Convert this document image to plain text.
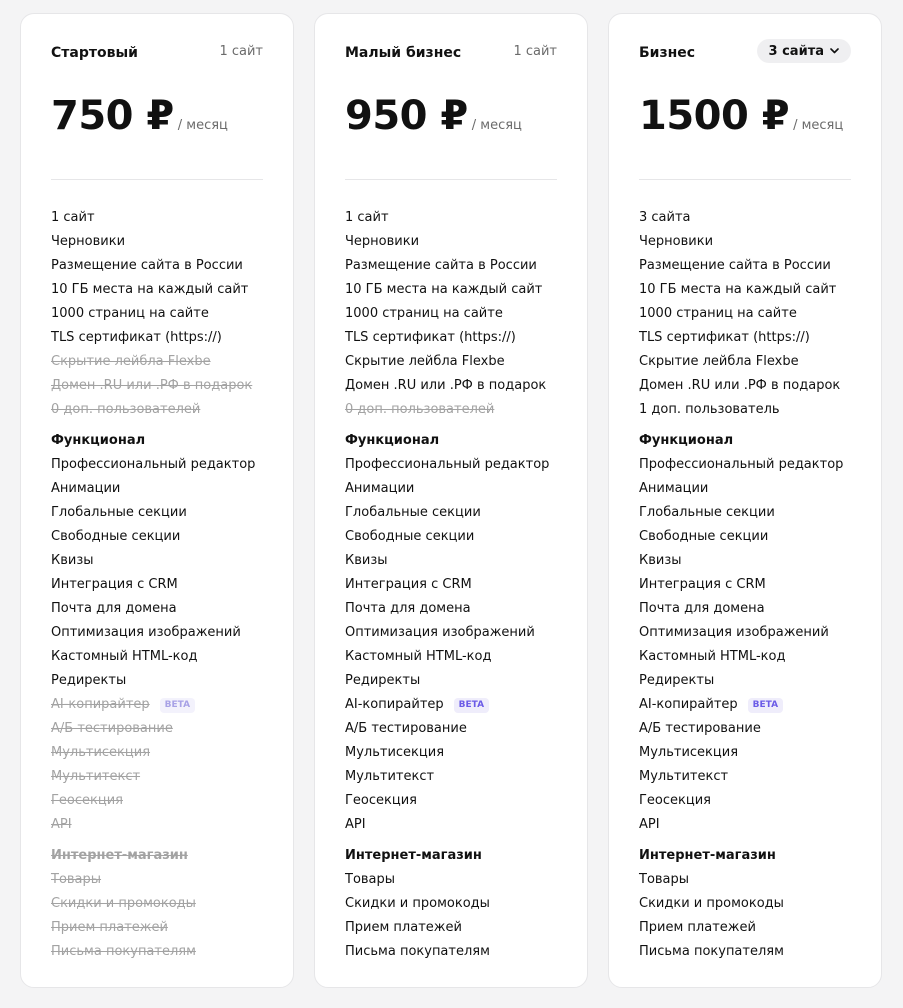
Стартовый	1 сайт
750 ₽ / месяц
1 сайт
Черновики
Размещение сайта в России
10 ГБ места на каждый сайт
1000 страниц на сайте
TLS сертификат (https://)
Скрытие лейбла Flexbe
Домен .RU или .РФ в подарок
0 доп. пользователей
Функционал
Профессиональный редактор
Анимации
Глобальные секции
Свободные секции
Квизы
Интеграция с CRM
Почта для домена
Оптимизация изображений
Кастомный HTML-код
Редиректы
AI-копирайтер BETA
А/Б тестирование
Мультисекция
Мультитекст
Геосекция
API
Интернет-магазин
Товары
Скидки и промокоды
Прием платежей
Письма покупателям
Малый бизнес	1 сайт
950 ₽ / месяц
1 сайт
Черновики
Размещение сайта в России
10 ГБ места на каждый сайт
1000 страниц на сайте
TLS сертификат (https://)
Скрытие лейбла Flexbe
Домен .RU или .РФ в подарок
0 доп. пользователей
Функционал
Профессиональный редактор
Анимации
Глобальные секции
Свободные секции
Квизы
Интеграция с CRM
Почта для домена
Оптимизация изображений
Кастомный HTML-код
Редиректы
AI-копирайтер BETA
А/Б тестирование
Мультисекция
Мультитекст
Геосекция
API
Интернет-магазин
Товары
Скидки и промокоды
Прием платежей
Письма покупателям
Бизнес	3 сайта
1500 ₽ / месяц
3 сайта
Черновики
Размещение сайта в России
10 ГБ места на каждый сайт
1000 страниц на сайте
TLS сертификат (https://)
Скрытие лейбла Flexbe
Домен .RU или .РФ в подарок
1 доп. пользователь
Функционал
Профессиональный редактор
Анимации
Глобальные секции
Свободные секции
Квизы
Интеграция с CRM
Почта для домена
Оптимизация изображений
Кастомный HTML-код
Редиректы
AI-копирайтер BETA
А/Б тестирование
Мультисекция
Мультитекст
Геосекция
API
Интернет-магазин
Товары
Скидки и промокоды
Прием платежей
Письма покупателям
